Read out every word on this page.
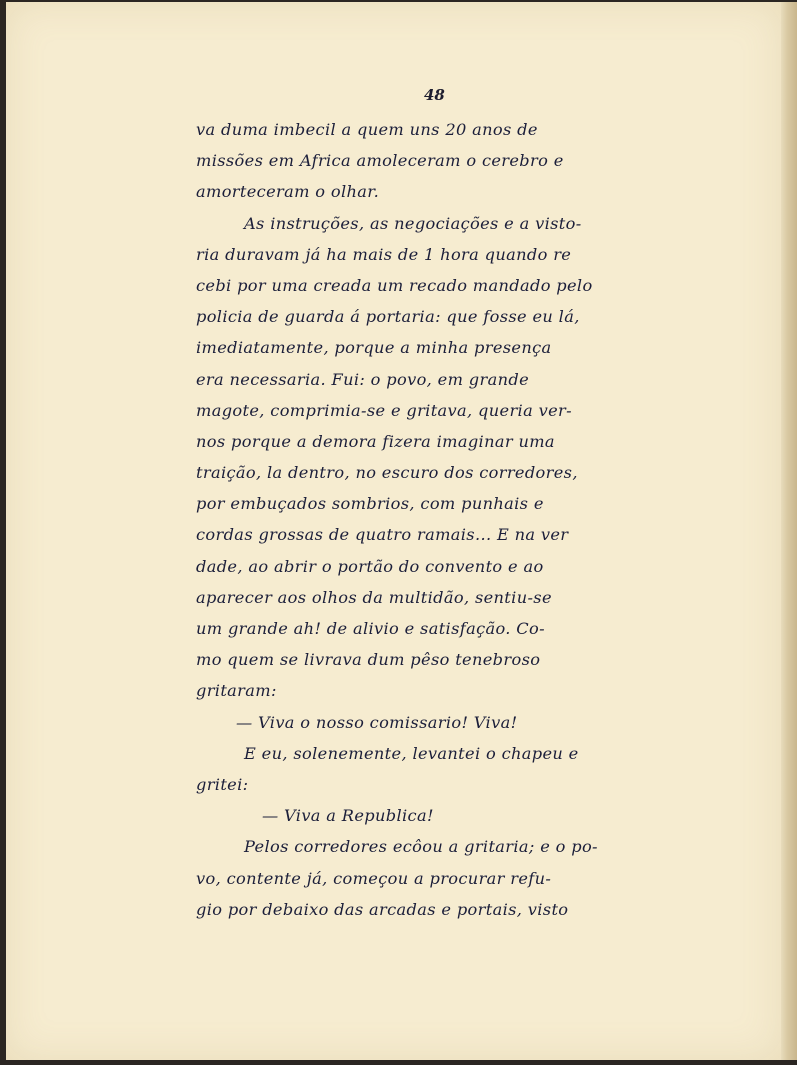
48
va duma imbecil a quem uns 20 anos de
missões em Africa amoleceram o cerebro e
amorteceram o olhar.
As instruções, as negociações e a visto-
ria duravam já ha mais de 1 hora quando re
cebi por uma creada um recado mandado pelo
policia de guarda á portaria: que fosse eu lá,
imediatamente, porque a minha presença
era necessaria. Fui: o povo, em grande
magote, comprimia-se e gritava, queria ver-
nos porque a demora fizera imaginar uma
traição, la dentro, no escuro dos corredores,
por embuçados sombrios, com punhais e
cordas grossas de quatro ramais... E na ver
dade, ao abrir o portão do convento e ao
aparecer aos olhos da multidão, sentiu-se
um grande ah! de alivio e satisfação. Co-
mo quem se livrava dum pêso tenebroso
gritaram:
— Viva o nosso comissario! Viva!
E eu, solenemente, levantei o chapeu e
gritei:
— Viva a Republica!
Pelos corredores ecôou a gritaria; e o po-
vo, contente já, começou a procurar refu-
gio por debaixo das arcadas e portais, visto
